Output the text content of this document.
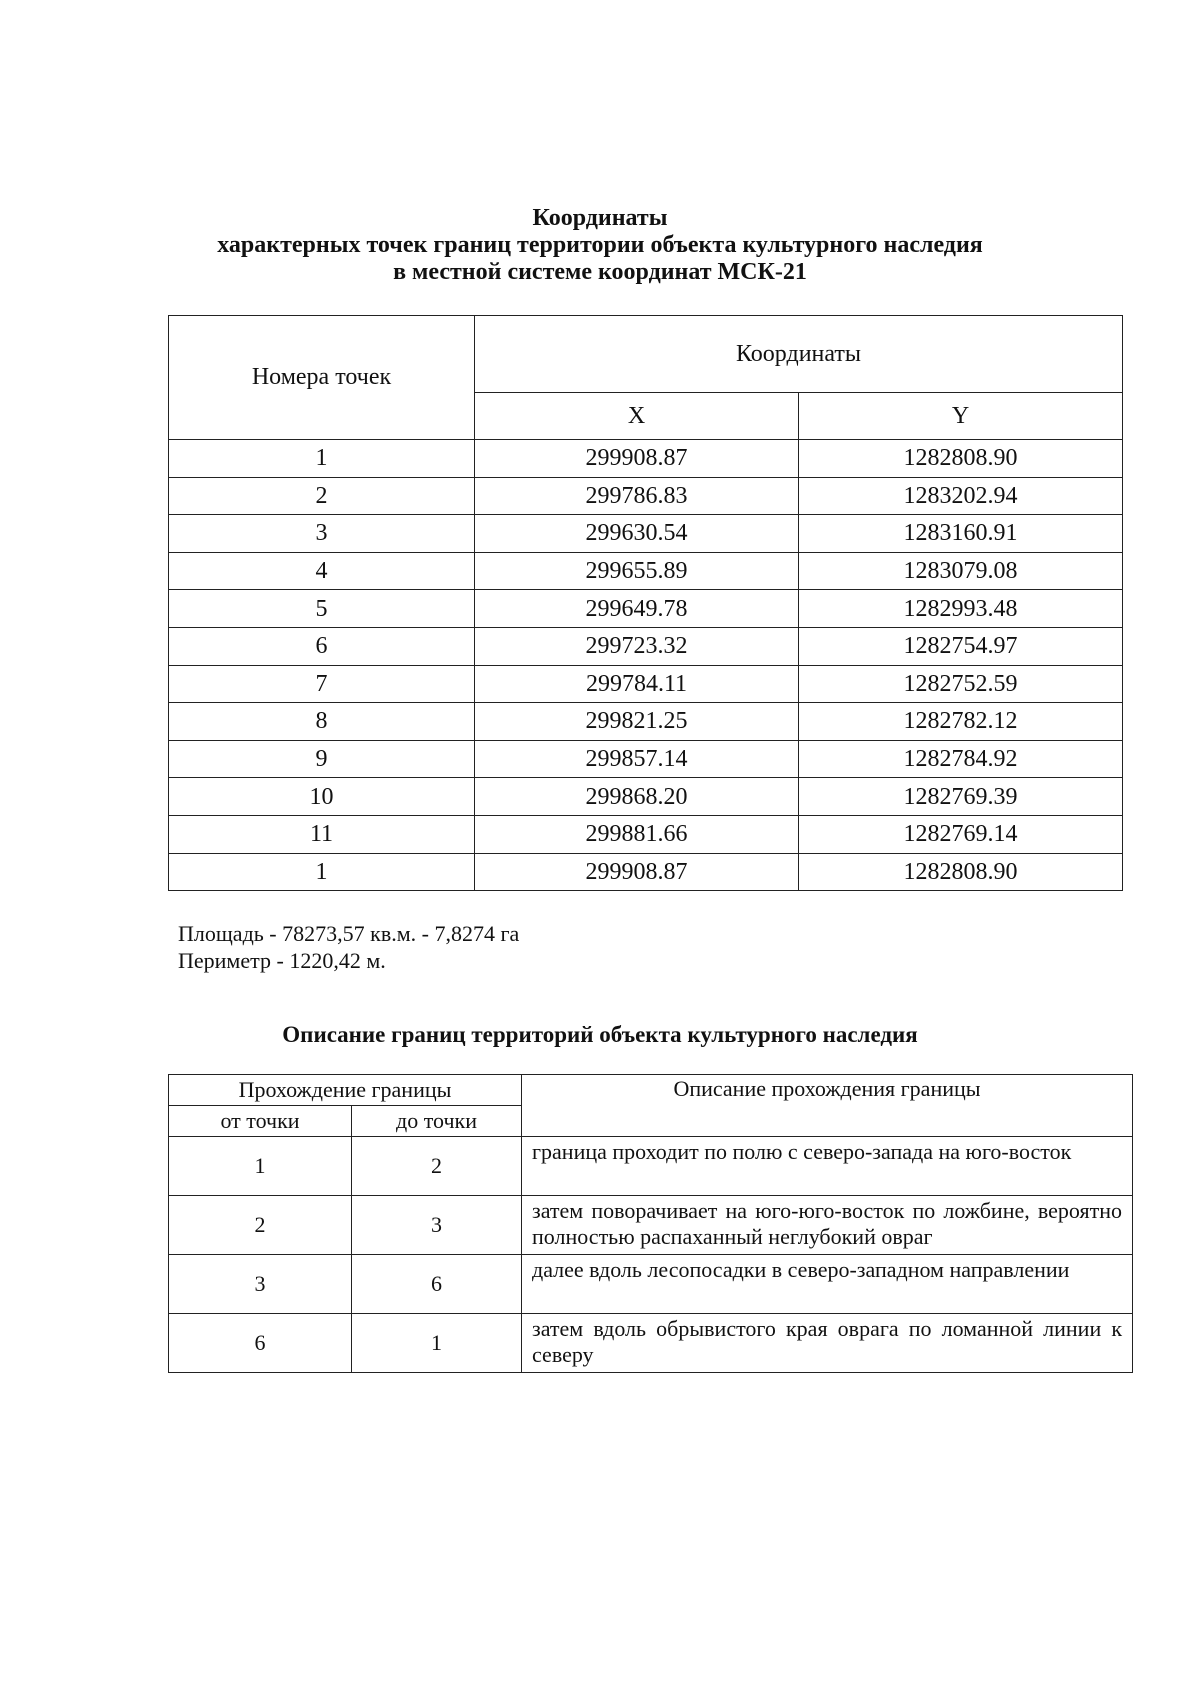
Координаты
характерных точек границ территории объекта культурного наследия
в местной системе координат МСК-21
Номера точек	Координаты	
	X	Y
1	299908.87	1282808.90
2	299786.83	1283202.94
3	299630.54	1283160.91
4	299655.89	1283079.08
5	299649.78	1282993.48
6	299723.32	1282754.97
7	299784.11	1282752.59
8	299821.25	1282782.12
9	299857.14	1282784.92
10	299868.20	1282769.39
11	299881.66	1282769.14
1	299908.87	1282808.90
Площадь - 78273,57 кв.м. - 7,8274 га
Периметр - 1220,42 м.
Описание границ территорий объекта культурного наследия
Прохождение границы		Описание прохождения границы
от точки	до точки	
1	2	граница проходит по полю с северо-запада на юго-восток
2	3	затем поворачивает на юго-юго-восток по ложбине, вероятно полностью распаханный неглубокий овраг
3	6	далее вдоль лесопосадки в северо-западном направлении
6	1	затем вдоль обрывистого края оврага по ломанной линии к северу
